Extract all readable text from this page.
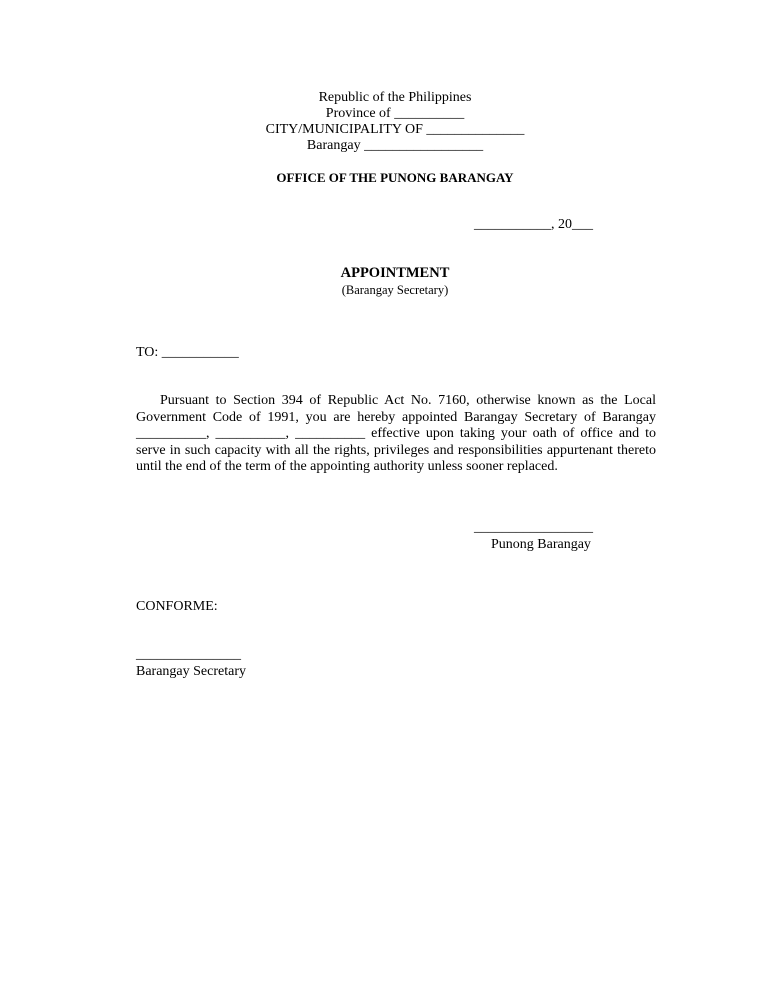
Republic of the Philippines
Province of __________
CITY/MUNICIPALITY OF ______________
Barangay _________________
OFFICE OF THE PUNONG BARANGAY
___________, 20___
APPOINTMENT
(Barangay Secretary)
TO: ___________
Pursuant to Section 394 of Republic Act No. 7160, otherwise known as the Local Government Code of 1991, you are hereby appointed Barangay Secretary of Barangay __________, __________, __________ effective upon taking your oath of office and to serve in such capacity with all the rights, privileges and responsibilities appurtenant thereto until the end of the term of the appointing authority unless sooner replaced.
_________________
Punong Barangay
CONFORME:
_______________
Barangay Secretary
